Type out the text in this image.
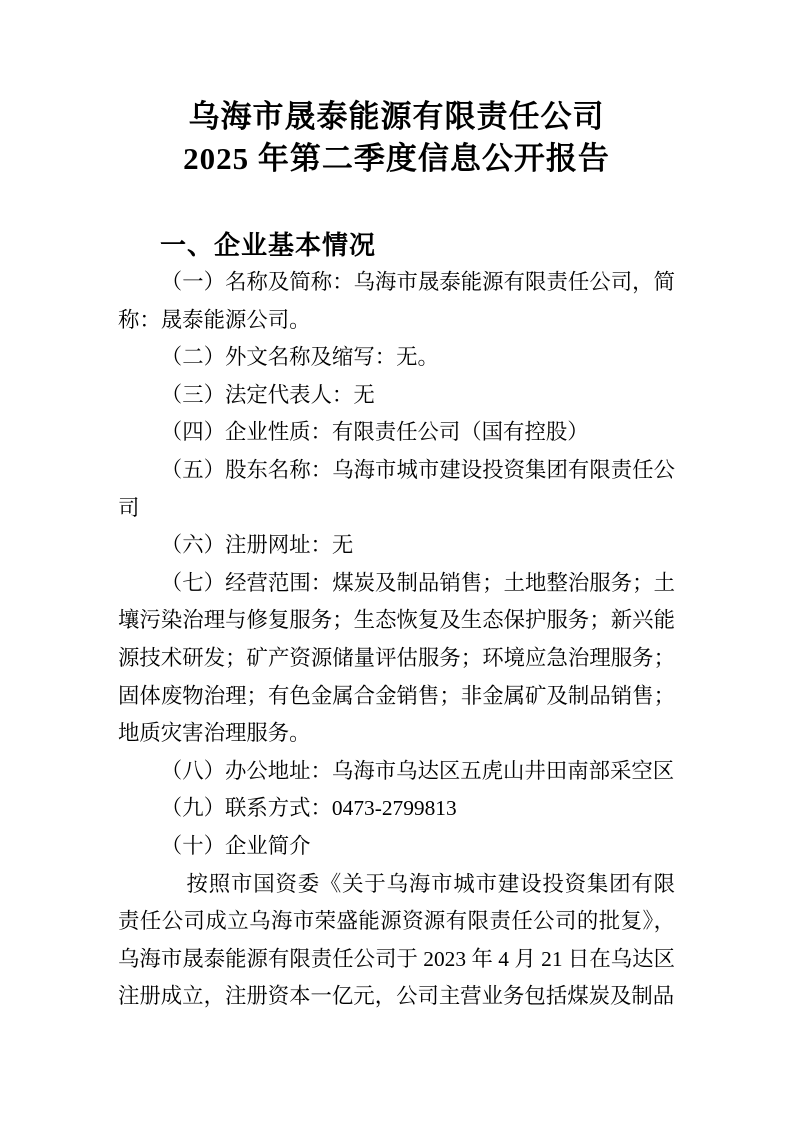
乌海市晟泰能源有限责任公司
2025 年第二季度信息公开报告
一、企业基本情况

（一）名称及简称：乌海市晟泰能源有限责任公司，简称：晟泰能源公司。

（二）外文名称及缩写：无。

（三）法定代表人：无

（四）企业性质：有限责任公司（国有控股）

（五）股东名称：乌海市城市建设投资集团有限责任公司

（六）注册网址：无

（七）经营范围：煤炭及制品销售；土地整治服务；土壤污染治理与修复服务；生态恢复及生态保护服务；新兴能源技术研发；矿产资源储量评估服务；环境应急治理服务；固体废物治理；有色金属合金销售；非金属矿及制品销售；地质灾害治理服务。

（八）办公地址：乌海市乌达区五虎山井田南部采空区

（九）联系方式：0473-2799813

（十）企业简介

按照市国资委《关于乌海市城市建设投资集团有限责任公司成立乌海市荣盛能源资源有限责任公司的批复》，乌海市晟泰能源有限责任公司于 2023 年 4 月 21 日在乌达区注册成立，注册资本一亿元，公司主营业务包括煤炭及制品
